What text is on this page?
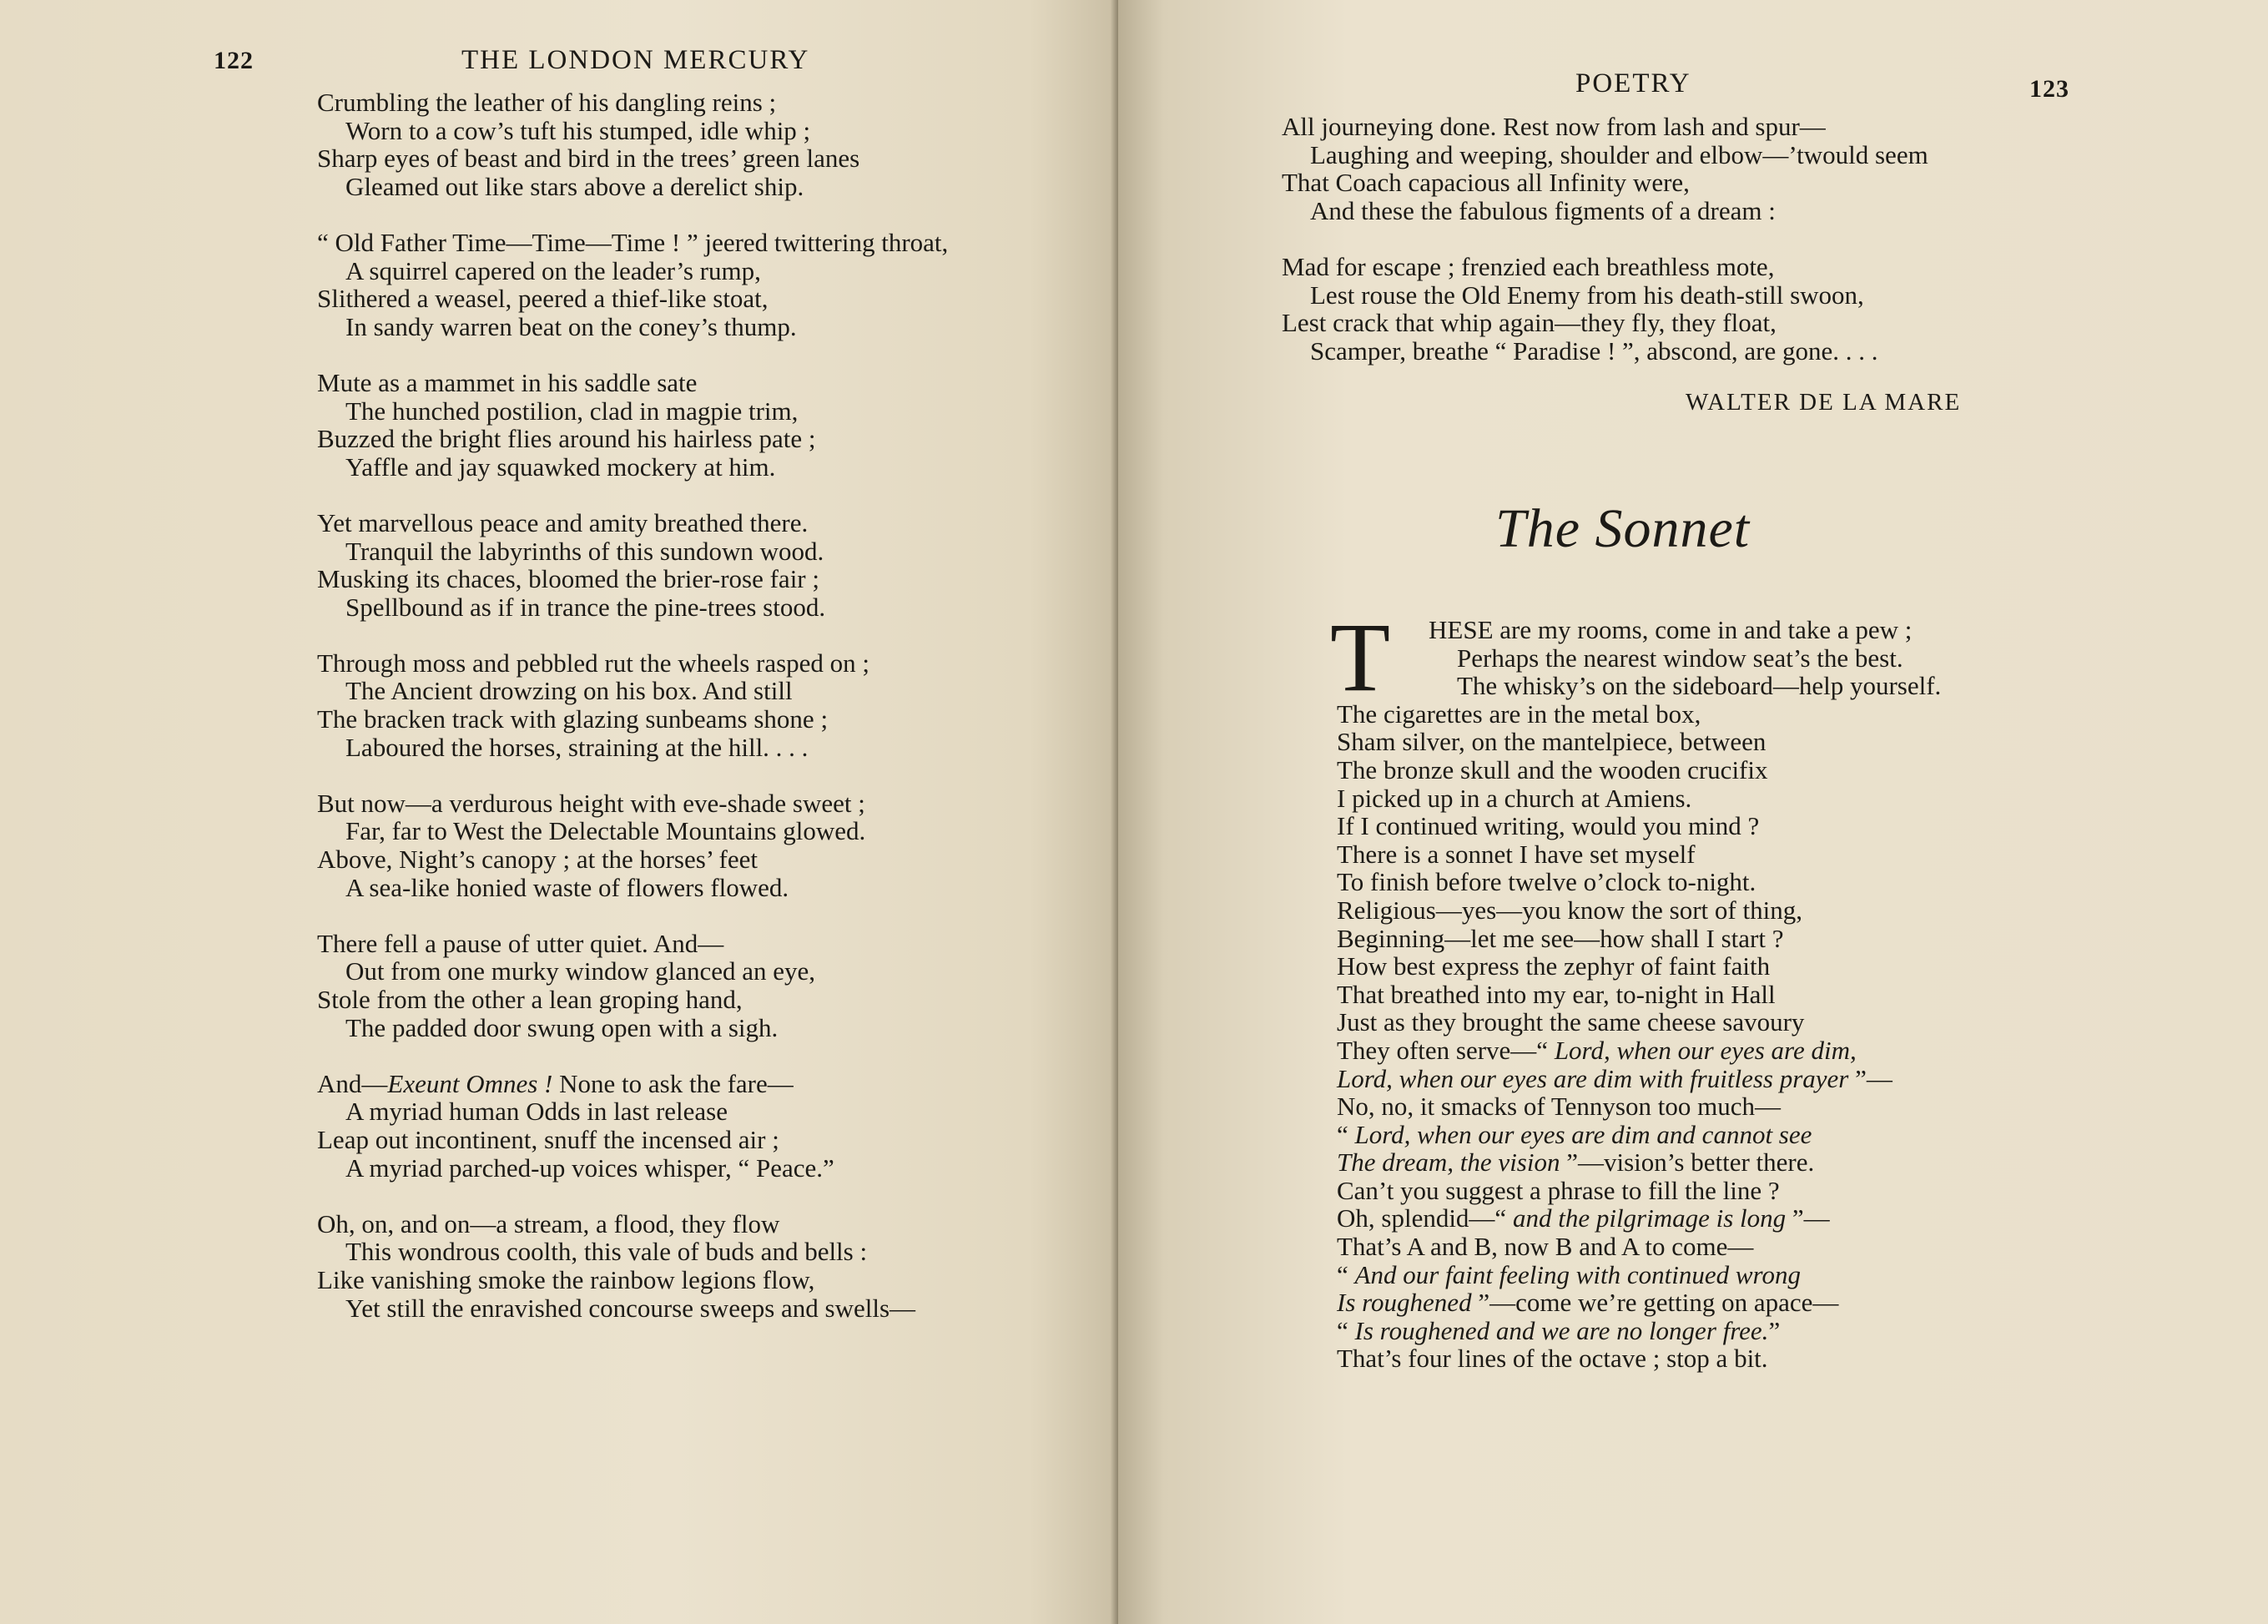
122	THE LONDON MERCURY
Crumbling the leather of his dangling reins ;
Worn to a cow’s tuft his stumped, idle whip ;
Sharp eyes of beast and bird in the trees’ green lanes
Gleamed out like stars above a derelict ship.
“ Old Father Time—Time—Time ! ” jeered twittering throat,
A squirrel capered on the leader’s rump,
Slithered a weasel, peered a thief-like stoat,
In sandy warren beat on the coney’s thump.
Mute as a mammet in his saddle sate
The hunched postilion, clad in magpie trim,
Buzzed the bright flies around his hairless pate ;
Yaffle and jay squawked mockery at him.
Yet marvellous peace and amity breathed there.
Tranquil the labyrinths of this sundown wood.
Musking its chaces, bloomed the brier-rose fair ;
Spellbound as if in trance the pine-trees stood.
Through moss and pebbled rut the wheels rasped on ;
The Ancient drowzing on his box. And still
The bracken track with glazing sunbeams shone ;
Laboured the horses, straining at the hill. . . .
But now—a verdurous height with eve-shade sweet ;
Far, far to West the Delectable Mountains glowed.
Above, Night’s canopy ; at the horses’ feet
A sea-like honied waste of flowers flowed.
There fell a pause of utter quiet. And—
Out from one murky window glanced an eye,
Stole from the other a lean groping hand,
The padded door swung open with a sigh.
And—Exeunt Omnes ! None to ask the fare—
A myriad human Odds in last release
Leap out incontinent, snuff the incensed air ;
A myriad parched-up voices whisper, “ Peace.”
Oh, on, and on—a stream, a flood, they flow
This wondrous coolth, this vale of buds and bells :
Like vanishing smoke the rainbow legions flow,
Yet still the enravished concourse sweeps and swells—
POETRY	123
All journeying done. Rest now from lash and spur—
Laughing and weeping, shoulder and elbow—’twould seem
That Coach capacious all Infinity were,
And these the fabulous figments of a dream :
Mad for escape ; frenzied each breathless mote,
Lest rouse the Old Enemy from his death-still swoon,
Lest crack that whip again—they fly, they float,
Scamper, breathe “ Paradise ! ”, abscond, are gone. . . .
WALTER DE LA MARE
The Sonnet
T HESE are my rooms, come in and take a pew ;
Perhaps the nearest window seat’s the best.
The whisky’s on the sideboard—help yourself.
The cigarettes are in the metal box,
Sham silver, on the mantelpiece, between
The bronze skull and the wooden crucifix
I picked up in a church at Amiens.
If I continued writing, would you mind ?
There is a sonnet I have set myself
To finish before twelve o’clock to-night.
Religious—yes—you know the sort of thing,
Beginning—let me see—how shall I start ?
How best express the zephyr of faint faith
That breathed into my ear, to-night in Hall
Just as they brought the same cheese savoury
They often serve—“ Lord, when our eyes are dim,
Lord, when our eyes are dim with fruitless prayer ”—
No, no, it smacks of Tennyson too much—
“ Lord, when our eyes are dim and cannot see
The dream, the vision ”—vision’s better there.
Can’t you suggest a phrase to fill the line ?
Oh, splendid—“ and the pilgrimage is long ”—
That’s A and B, now B and A to come—
“ And our faint feeling with continued wrong
Is roughened ”—come we’re getting on apace—
“ Is roughened and we are no longer free.”
That’s four lines of the octave ; stop a bit.
